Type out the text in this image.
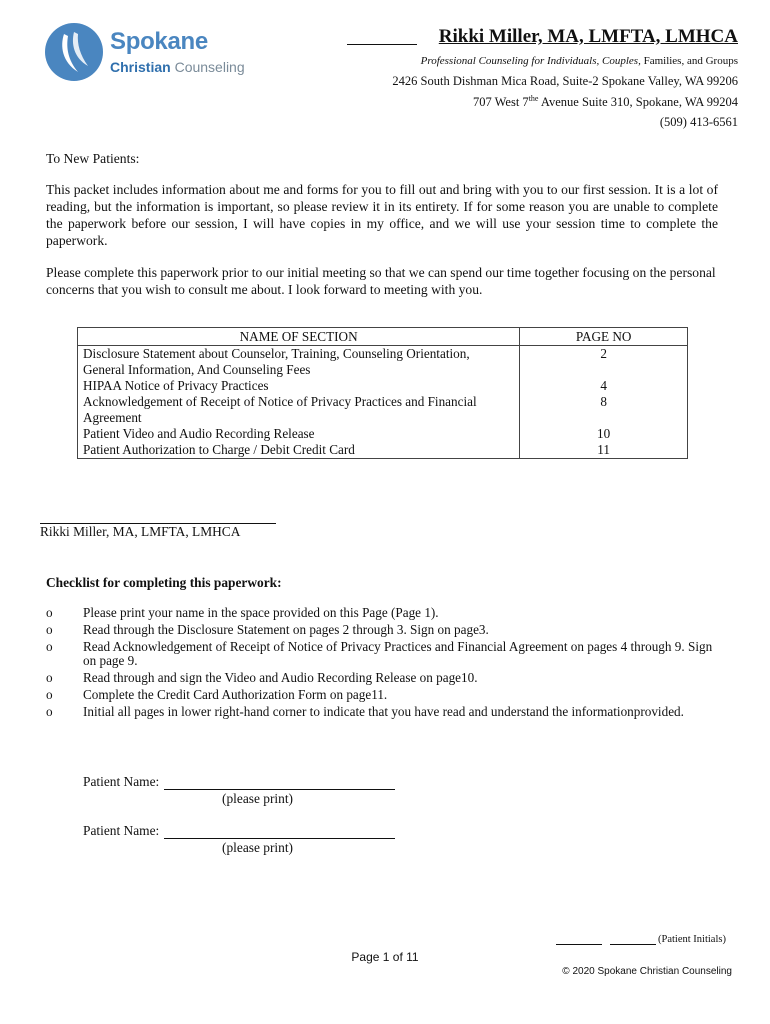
Spokane
Christian Counseling
Rikki Miller, MA, LMFTA, LMHCA
Professional Counseling for Individuals, Couples, Families, and Groups
2426 South Dishman Mica Road, Suite-2 Spokane Valley, WA 99206
707 West $7^{the}$ Avenue Suite 310, Spokane, WA 99204
(509) 413-6561
To New Patients:
This packet includes information about me and forms for you to fill out and bring with you to our first session. It is a lot of reading, but the information is important, so please review it in its entirety. If for some reason you are unable to complete the paperwork before our session, I will have copies in my office, and we will use your session time to complete the paperwork.
Please complete this paperwork prior to our initial meeting so that we can spend our time together focusing on the personal concerns that you wish to consult me about. I look forward to meeting with you.
NAME OF SECTION	PAGE NO
Disclosure Statement about Counselor, Training, Counseling Orientation, General Information, And Counseling Fees	2
HIPAA Notice of Privacy Practices	4
Acknowledgement of Receipt of Notice of Privacy Practices and Financial Agreement	8
Patient Video and Audio Recording Release	10
Patient Authorization to Charge / Debit Credit Card	11
Rikki Miller, MA, LMFTA, LMHCA
Checklist for completing this paperwork:
o Please print your name in the space provided on this Page (Page 1).
o Read through the Disclosure Statement on pages 2 through 3. Sign on page3.
o Read Acknowledgement of Receipt of Notice of Privacy Practices and Financial Agreement on pages 4 through 9. Sign on page 9.
o Read through and sign the Video and Audio Recording Release on page10.
o Complete the Credit Card Authorization Form on page11.
o Initial all pages in lower right-hand corner to indicate that you have read and understand the informationprovided.
Patient Name:
(please print)
Patient Name:
(please print)
(Patient Initials)
Page 1 of 11
© 2020 Spokane Christian Counseling
